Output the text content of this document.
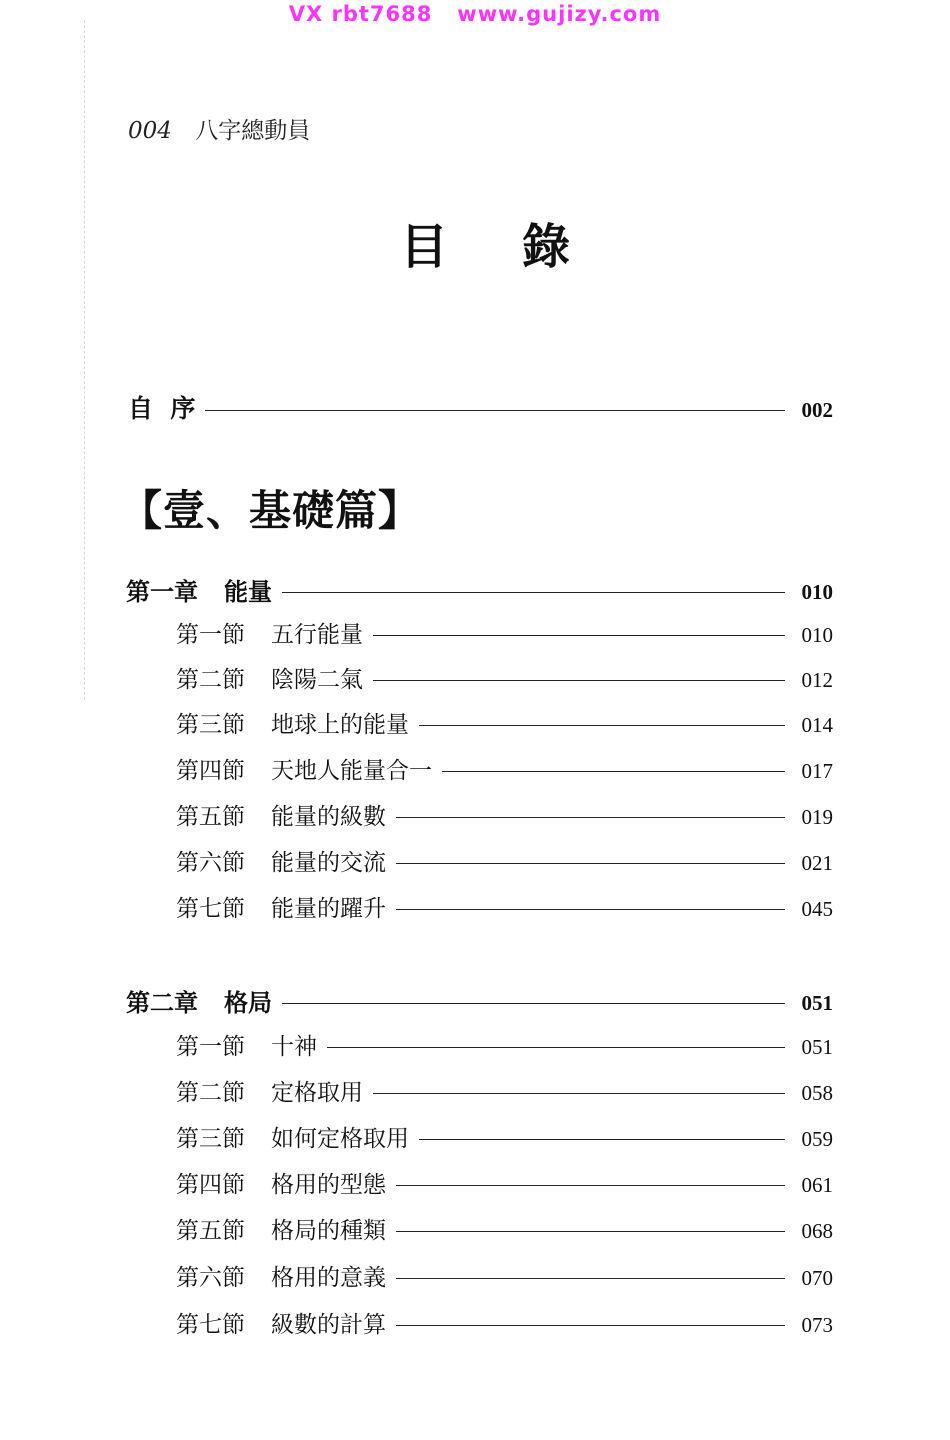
VX rbt7688   www.gujizy.com
004 八字總動員
目 錄
自  序	002
【壹、基礎篇】
第一章 能量	010
第一節 五行能量	010
第二節 陰陽二氣	012
第三節 地球上的能量	014
第四節 天地人能量合一	017
第五節 能量的級數	019
第六節 能量的交流	021
第七節 能量的躍升	045
第二章 格局	051
第一節 十神	051
第二節 定格取用	058
第三節 如何定格取用	059
第四節 格用的型態	061
第五節 格局的種類	068
第六節 格用的意義	070
第七節 級數的計算	073
